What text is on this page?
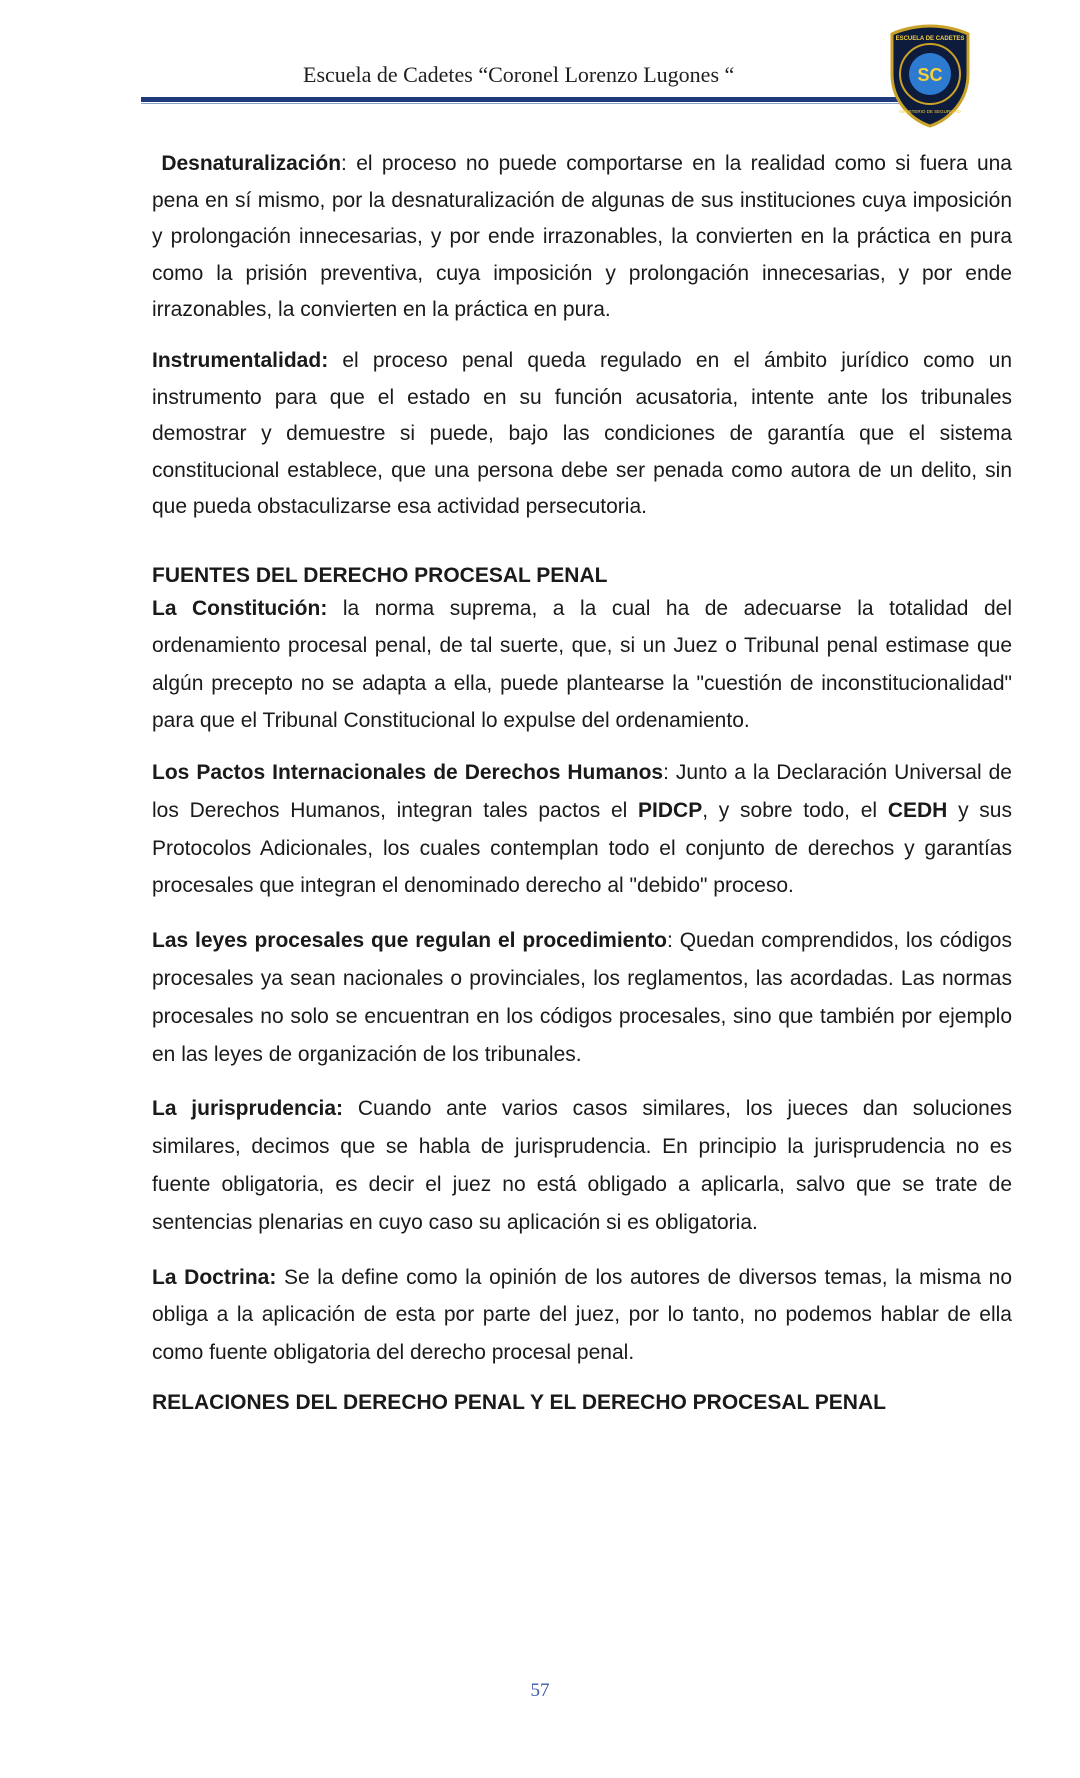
Escuela de Cadetes “Coronel Lorenzo Lugones “	SC
ESCUELA DE CADETES
MINISTERIO DE SEGURIDAD

Desnaturalización: el proceso no puede comportarse en la realidad como si fuera una pena en sí mismo, por la desnaturalización de algunas de sus instituciones cuya imposición y prolongación innecesarias, y por ende irrazonables, la convierten en la práctica en pura como la prisión preventiva, cuya imposición y prolongación innecesarias, y por ende irrazonables, la convierten en la práctica en pura.

Instrumentalidad: el proceso penal queda regulado en el ámbito jurídico como un instrumento para que el estado en su función acusatoria, intente ante los tribunales demostrar y demuestre si puede, bajo las condiciones de garantía que el sistema constitucional establece, que una persona debe ser penada como autora de un delito, sin que pueda obstaculizarse esa actividad persecutoria.

FUENTES DEL DERECHO PROCESAL PENAL

La Constitución: la norma suprema, a la cual ha de adecuarse la totalidad del ordenamiento procesal penal, de tal suerte, que, si un Juez o Tribunal penal estimase que algún precepto no se adapta a ella, puede plantearse la "cuestión de inconstitucionalidad" para que el Tribunal Constitucional lo expulse del ordenamiento.

Los Pactos Internacionales de Derechos Humanos: Junto a la Declaración Universal de los Derechos Humanos, integran tales pactos el PIDCP, y sobre todo, el CEDH y sus Protocolos Adicionales, los cuales contemplan todo el conjunto de derechos y garantías procesales que integran el denominado derecho al "debido" proceso.

Las leyes procesales que regulan el procedimiento: Quedan comprendidos, los códigos procesales ya sean nacionales o provinciales, los reglamentos, las acordadas. Las normas procesales no solo se encuentran en los códigos procesales, sino que también por ejemplo en las leyes de organización de los tribunales.

La jurisprudencia: Cuando ante varios casos similares, los jueces dan soluciones similares, decimos que se habla de jurisprudencia. En principio la jurisprudencia no es fuente obligatoria, es decir el juez no está obligado a aplicarla, salvo que se trate de sentencias plenarias en cuyo caso su aplicación si es obligatoria.

La Doctrina: Se la define como la opinión de los autores de diversos temas, la misma no obliga a la aplicación de esta por parte del juez, por lo tanto, no podemos hablar de ella como fuente obligatoria del derecho procesal penal.

RELACIONES DEL DERECHO PENAL Y EL DERECHO PROCESAL PENAL

57
